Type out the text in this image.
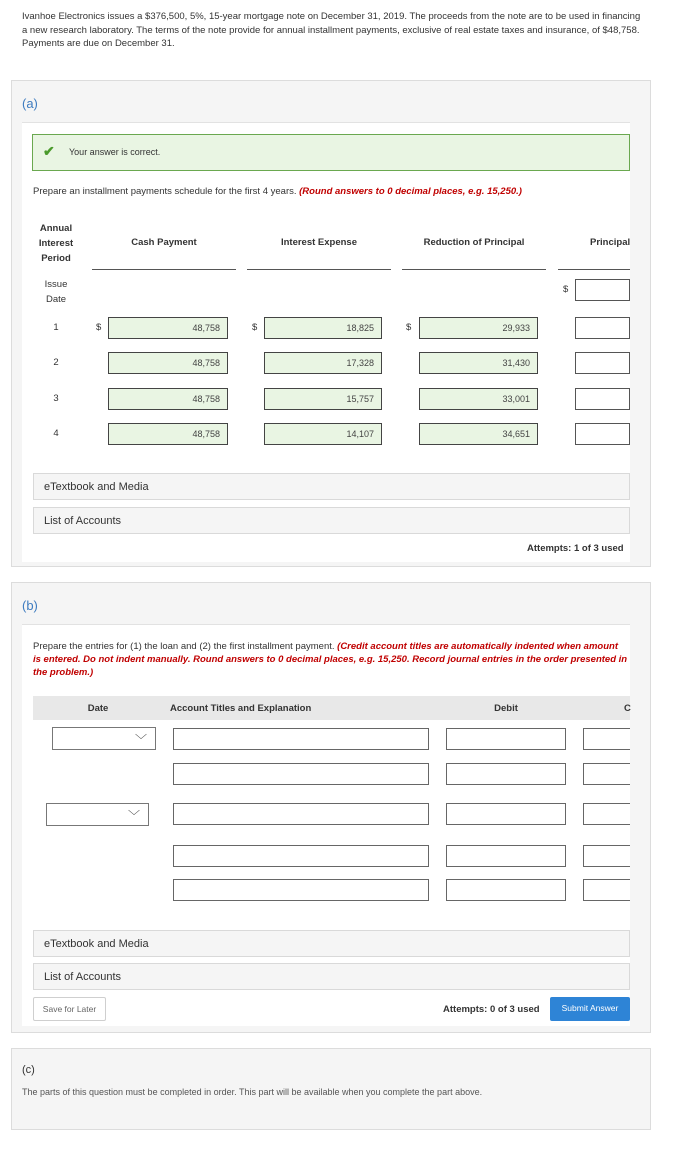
Ivanhoe Electronics issues a $376,500, 5%, 15-year mortgage note on December 31, 2019. The proceeds from the note are to be used in financing a new research laboratory. The terms of the note provide for annual installment payments, exclusive of real estate taxes and insurance, of $48,758. Payments are due on December 31.
(a)
✔ Your answer is correct.
Prepare an installment payments schedule for the first 4 years. (Round answers to 0 decimal places, e.g. 15,250.)
Annual
Interest
Period
Cash Payment	Interest Expense	Reduction of Principal	Principal
Issue
Date
$
1	$	48,758	$	18,825	$	29,933
2	48,758	17,328	31,430
3	48,758	15,757	33,001
4	48,758	14,107	34,651
eTextbook and Media
List of Accounts
Attempts: 1 of 3 used
(b)
Prepare the entries for (1) the loan and (2) the first installment payment. (Credit account titles are automatically indented when amount is entered. Do not indent manually. Round answers to 0 decimal places, e.g. 15,250. Record journal entries in the order presented in the problem.)
Date	Account Titles and Explanation	Debit	C
﹀
﹀
eTextbook and Media
List of Accounts
Save for Later	Attempts: 0 of 3 used	Submit Answer
(c)
The parts of this question must be completed in order. This part will be available when you complete the part above.
